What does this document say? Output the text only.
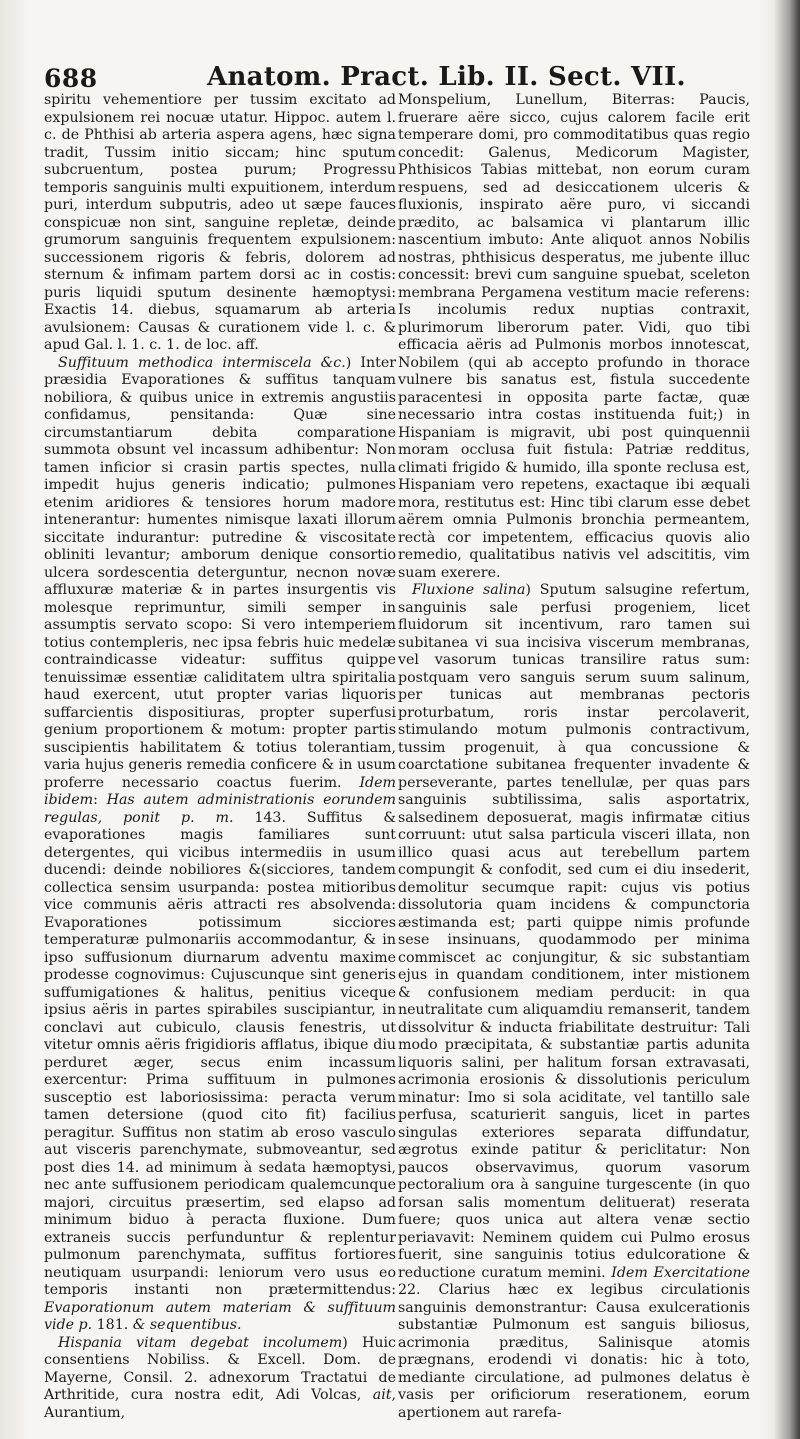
688	Anatom. Pract. Lib. II. Sect. VII.

spiritu vehementiore per tussim excitato ad expulsionem rei nocuæ utatur. Hippoc. autem l. c. de Phthisi ab arteria aspera agens, hæc signa tradit, Tussim initio siccam; hinc sputum subcruentum, postea purum; Progressu temporis sanguinis multi expuitionem, interdum puri, interdum subputris, adeo ut sæpe fauces conspicuæ non sint, sanguine repletæ, deinde grumorum sanguinis frequentem expulsionem: successionem rigoris & febris, dolorem ad sternum & infimam partem dorsi ac in costis: puris liquidi sputum desinente hæmoptysi: Exactis 14. diebus, squamarum ab arteria avulsionem: Causas & curationem vide l. c. & apud Gal. l. 1. c. 1. de loc. aff.

Suffituum methodica intermiscela &c.) Inter præsidia Evaporationes & suffitus tanquam nobiliora, & quibus unice in extremis angustiis confidamus, pensitanda: Quæ sine circumstantiarum debita comparatione summota obsunt vel incassum adhibentur: Non tamen inficior si crasin partis spectes, nulla impedit hujus generis indicatio; pulmones etenim aridiores & tensiores horum madore intenerantur: humentes nimisque laxati illorum siccitate indurantur: putredine & viscositate obliniti levantur; amborum denique consortio ulcera sordescentia deterguntur, necnon novæ affluxuræ materiæ & in partes insurgentis vis molesque reprimuntur, simili semper in assumptis servato scopo: Si vero intemperiem totius contempleris, nec ipsa febris huic medelæ contraindicasse videatur: suffitus quippe tenuissimæ essentiæ caliditatem ultra spiritalia haud exercent, utut propter varias liquoris suffarcientis dispositiuras, propter superfusi genium proportionem & motum: propter partis suscipientis habilitatem & totius tolerantiam, varia hujus generis remedia conficere & in usum proferre necessario coactus fuerim. Idem ibidem: Has autem administrationis eorundem regulas, ponit p. m. 143. Suffitus & evaporationes magis familiares sunt detergentes, qui vicibus intermediis in usum ducendi: deinde nobiliores &(sicciores, tandem collectica sensim usurpanda: postea mitioribus vice communis aëris attracti res absolvenda: Evaporationes potissimum sicciores temperaturæ pulmonariis accommodantur, & in ipso suffusionum diurnarum adventu maxime prodesse cognovimus: Cujuscunque sint generis suffumigationes & halitus, penitius viceque ipsius aëris in partes spirabiles suscipiantur, in conclavi aut cubiculo, clausis fenestris, ut vitetur omnis aëris frigidioris afflatus, ibique diu perduret æger, secus enim incassum exercentur: Prima suffituum in pulmones susceptio est laboriosissima: peracta verum tamen detersione (quod cito fit) facilius peragitur. Suffitus non statim ab eroso vasculo aut visceris parenchymate, submoveantur, sed post dies 14. ad minimum à sedata hæmoptysi, nec ante suffusionem periodicam qualemcunque majori, circuitus præsertim, sed elapso ad minimum biduo à peracta fluxione. Dum extraneis succis perfunduntur & replentur pulmonum parenchymata, suffitus fortiores neutiquam usurpandi: leniorum vero usus eo temporis instanti non prætermittendus: Evaporationum autem materiam & suffituum vide p. 181. & sequentibus.

Hispania vitam degebat incolumem) Huic consentiens Nobiliss. & Excell. Dom. de Mayerne, Consil. 2. adnexorum Tractatui de Arthritide, cura nostra edit, Adi Volcas, ait, Aurantium,

Monspelium, Lunellum, Biterras: Paucis, fruerare aëre sicco, cujus calorem facile erit temperare domi, pro commoditatibus quas regio concedit: Galenus, Medicorum Magister, Phthisicos Tabias mittebat, non eorum curam respuens, sed ad desiccationem ulceris & fluxionis, inspirato aëre puro, vi siccandi prædito, ac balsamica vi plantarum illic nascentium imbuto: Ante aliquot annos Nobilis nostras, phthisicus desperatus, me jubente illuc concessit: brevi cum sanguine spuebat, sceleton membrana Pergamena vestitum macie referens: Is incolumis redux nuptias contraxit, plurimorum liberorum pater. Vidi, quo tibi efficacia aëris ad Pulmonis morbos innotescat, Nobilem (qui ab accepto profundo in thorace vulnere bis sanatus est, fistula succedente paracentesi in opposita parte factæ, quæ necessario intra costas instituenda fuit;) in Hispaniam is migravit, ubi post quinquennii moram occlusa fuit fistula: Patriæ redditus, climati frigido & humido, illa sponte reclusa est, Hispaniam vero repetens, exactaque ibi æquali mora, restitutus est: Hinc tibi clarum esse debet aërem omnia Pulmonis bronchia permeantem, rectà cor impetentem, efficacius quovis alio remedio, qualitatibus nativis vel adscititis, vim suam exerere.

Fluxione salina) Sputum salsugine refertum, sanguinis sale perfusi progeniem, licet fluidorum sit incentivum, raro tamen sui subitanea vi sua incisiva viscerum membranas, vel vasorum tunicas transilire ratus sum: postquam vero sanguis serum suum salinum, per tunicas aut membranas pectoris proturbatum, roris instar percolaverit, stimulando motum pulmonis contractivum, tussim progenuit, à qua concussione & coarctatione subitanea frequenter invadente & perseverante, partes tenellulæ, per quas pars sanguinis subtilissima, salis asportatrix, salsedinem deposuerat, magis infirmatæ citius corruunt: utut salsa particula visceri illata, non illico quasi acus aut terebellum partem compungit & confodit, sed cum ei diu insederit, demolitur secumque rapit: cujus vis potius dissolutoria quam incidens & compunctoria æstimanda est; parti quippe nimis profunde sese insinuans, quodammodo per minima commiscet ac conjungitur, & sic substantiam ejus in quandam conditionem, inter mistionem & confusionem mediam perducit: in qua neutralitate cum aliquamdiu remanserit, tandem dissolvitur & inducta friabilitate destruitur: Tali modo præcipitata, & substantiæ partis adunita liquoris salini, per halitum forsan extravasati, acrimonia erosionis & dissolutionis periculum minatur: Imo si sola aciditate, vel tantillo sale perfusa, scaturierit sanguis, licet in partes singulas exteriores separata diffundatur, ægrotus exinde patitur & periclitatur: Non paucos observavimus, quorum vasorum pectoralium ora à sanguine turgescente (in quo forsan salis momentum delituerat) reserata fuere; quos unica aut altera venæ sectio periavavit: Neminem quidem cui Pulmo erosus fuerit, sine sanguinis totius edulcoratione & reductione curatum memini. Idem Exercitatione 22. Clarius hæc ex legibus circulationis sanguinis demonstrantur: Causa exulcerationis substantiæ Pulmonum est sanguis biliosus, acrimonia præditus, Salinisque atomis prægnans, erodendi vi donatis: hic à toto, mediante circulatione, ad pulmones delatus è vasis per orificiorum reserationem, eorum apertionem aut rarefa-
